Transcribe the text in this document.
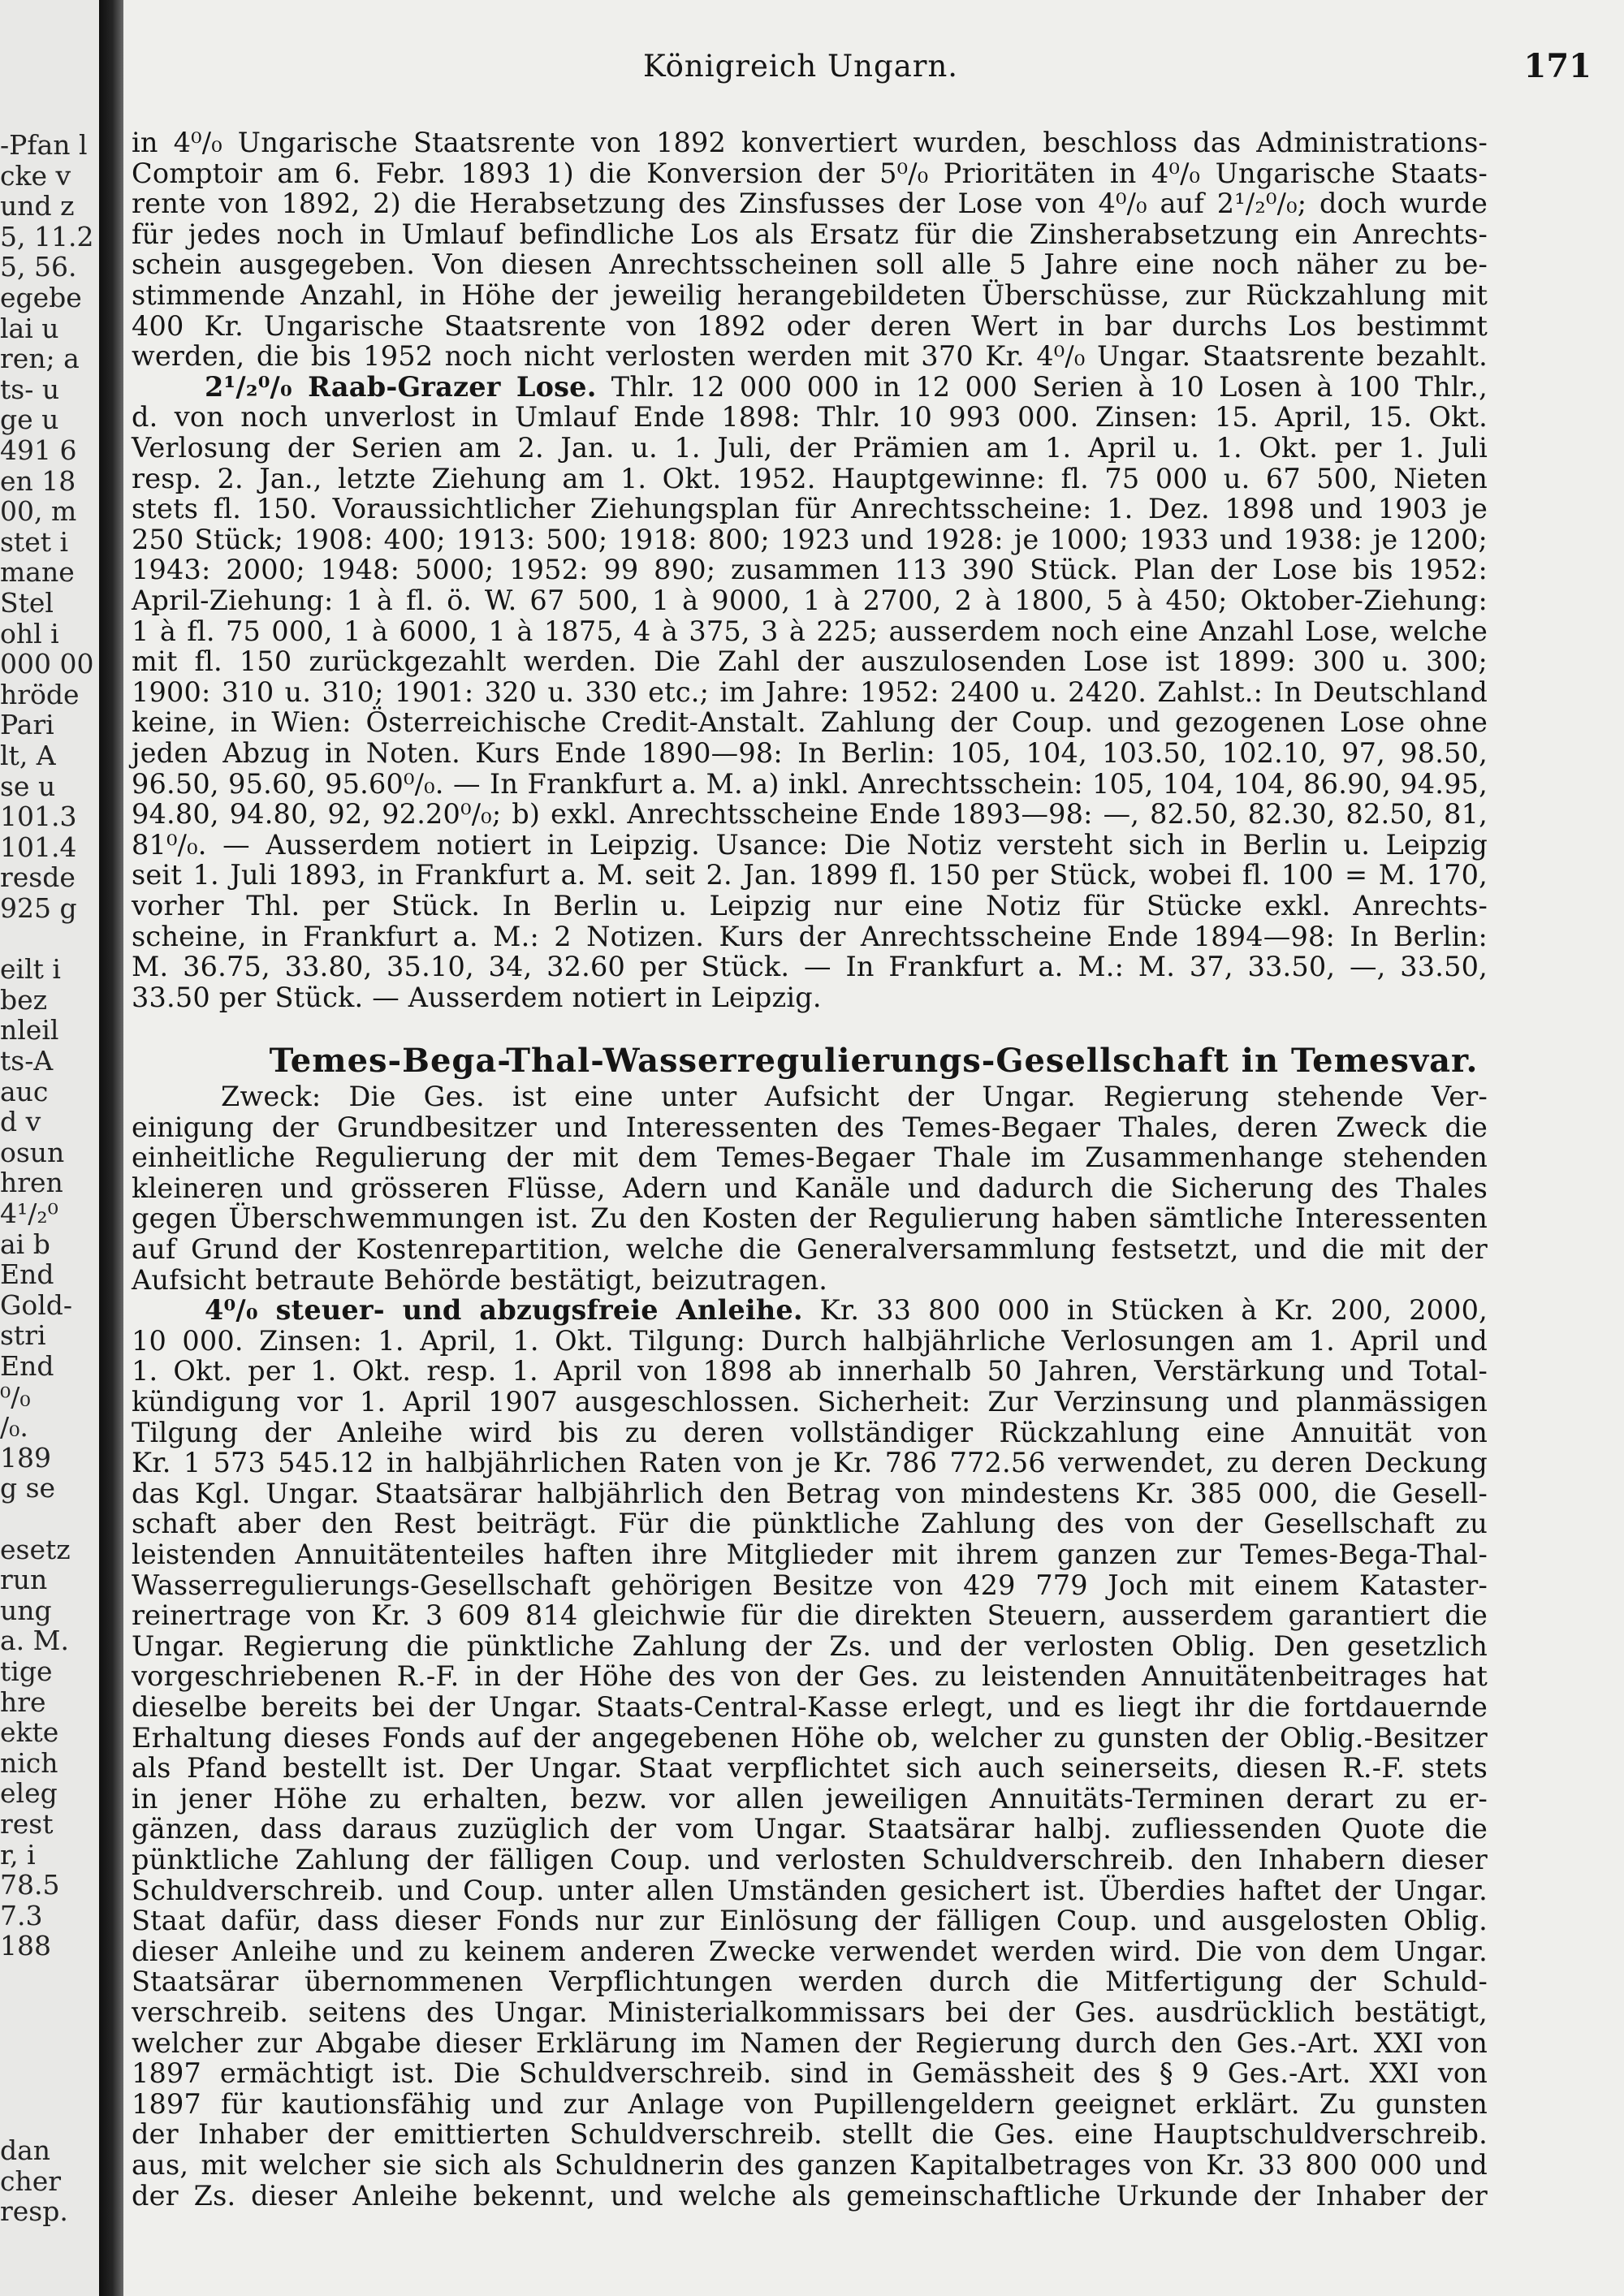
-Pfan l
cke v
und z
5, 11.2
5, 56.
egebe
lai u
ren; a
ts- u
ge u
491 6
en 18
00, m
stet i
mane
Stel
ohl i
000 00
hröde
Pari
lt, A
se u
101.3
101.4
resde
925 g
eilt i
bez
nleil
ts-A
auc
d v
osun
hren
4¹/₂⁰
ai b
End
Gold-
stri
End
⁰/₀
/₀.
189
g se
esetz
run
ung
a. M.
tige
hre
ekte
nich
eleg
rest
r, i
78.5
7.3
188
dan
cher
resp.
Königreich Ungarn.	171
Temes-Bega-Thal-Wasserregulierungs-Gesellschaft in Temesvar.
in 4⁰/₀ Ungarische Staatsrente von 1892 konvertiert wurden, beschloss das Administrations-
Comptoir am 6. Febr. 1893 1) die Konversion der 5⁰/₀ Prioritäten in 4⁰/₀ Ungarische Staats-
rente von 1892, 2) die Herabsetzung des Zinsfusses der Lose von 4⁰/₀ auf 2¹/₂⁰/₀; doch wurde
für jedes noch in Umlauf befindliche Los als Ersatz für die Zinsherabsetzung ein Anrechts-
schein ausgegeben. Von diesen Anrechtsscheinen soll alle 5 Jahre eine noch näher zu be-
stimmende Anzahl, in Höhe der jeweilig herangebildeten Überschüsse, zur Rückzahlung mit
400 Kr. Ungarische Staatsrente von 1892 oder deren Wert in bar durchs Los bestimmt
werden, die bis 1952 noch nicht verlosten werden mit 370 Kr. 4⁰/₀ Ungar. Staatsrente bezahlt.
2¹/₂⁰/₀ Raab-Grazer Lose. Thlr. 12 000 000 in 12 000 Serien à 10 Losen à 100 Thlr.,
d. von noch unverlost in Umlauf Ende 1898: Thlr. 10 993 000. Zinsen: 15. April, 15. Okt.
Verlosung der Serien am 2. Jan. u. 1. Juli, der Prämien am 1. April u. 1. Okt. per 1. Juli
resp. 2. Jan., letzte Ziehung am 1. Okt. 1952. Hauptgewinne: fl. 75 000 u. 67 500, Nieten
stets fl. 150. Voraussichtlicher Ziehungsplan für Anrechtsscheine: 1. Dez. 1898 und 1903 je
250 Stück; 1908: 400; 1913: 500; 1918: 800; 1923 und 1928: je 1000; 1933 und 1938: je 1200;
1943: 2000; 1948: 5000; 1952: 99 890; zusammen 113 390 Stück. Plan der Lose bis 1952:
April-Ziehung: 1 à fl. ö. W. 67 500, 1 à 9000, 1 à 2700, 2 à 1800, 5 à 450; Oktober-Ziehung:
1 à fl. 75 000, 1 à 6000, 1 à 1875, 4 à 375, 3 à 225; ausserdem noch eine Anzahl Lose, welche
mit fl. 150 zurückgezahlt werden. Die Zahl der auszulosenden Lose ist 1899: 300 u. 300;
1900: 310 u. 310; 1901: 320 u. 330 etc.; im Jahre: 1952: 2400 u. 2420. Zahlst.: In Deutschland
keine, in Wien: Österreichische Credit-Anstalt. Zahlung der Coup. und gezogenen Lose ohne
jeden Abzug in Noten. Kurs Ende 1890—98: In Berlin: 105, 104, 103.50, 102.10, 97, 98.50,
96.50, 95.60, 95.60⁰/₀. — In Frankfurt a. M. a) inkl. Anrechtsschein: 105, 104, 104, 86.90, 94.95,
94.80, 94.80, 92, 92.20⁰/₀; b) exkl. Anrechtsscheine Ende 1893—98: —, 82.50, 82.30, 82.50, 81,
81⁰/₀. — Ausserdem notiert in Leipzig. Usance: Die Notiz versteht sich in Berlin u. Leipzig
seit 1. Juli 1893, in Frankfurt a. M. seit 2. Jan. 1899 fl. 150 per Stück, wobei fl. 100 = M. 170,
vorher Thl. per Stück. In Berlin u. Leipzig nur eine Notiz für Stücke exkl. Anrechts-
scheine, in Frankfurt a. M.: 2 Notizen. Kurs der Anrechtsscheine Ende 1894—98: In Berlin:
M. 36.75, 33.80, 35.10, 34, 32.60 per Stück. — In Frankfurt a. M.: M. 37, 33.50, —, 33.50,
33.50 per Stück. — Ausserdem notiert in Leipzig.
Zweck: Die Ges. ist eine unter Aufsicht der Ungar. Regierung stehende Ver-
einigung der Grundbesitzer und Interessenten des Temes-Begaer Thales, deren Zweck die
einheitliche Regulierung der mit dem Temes-Begaer Thale im Zusammenhange stehenden
kleineren und grösseren Flüsse, Adern und Kanäle und dadurch die Sicherung des Thales
gegen Überschwemmungen ist. Zu den Kosten der Regulierung haben sämtliche Interessenten
auf Grund der Kostenrepartition, welche die Generalversammlung festsetzt, und die mit der
Aufsicht betraute Behörde bestätigt, beizutragen.
4⁰/₀ steuer- und abzugsfreie Anleihe. Kr. 33 800 000 in Stücken à Kr. 200, 2000,
10 000. Zinsen: 1. April, 1. Okt. Tilgung: Durch halbjährliche Verlosungen am 1. April und
1. Okt. per 1. Okt. resp. 1. April von 1898 ab innerhalb 50 Jahren, Verstärkung und Total-
kündigung vor 1. April 1907 ausgeschlossen. Sicherheit: Zur Verzinsung und planmässigen
Tilgung der Anleihe wird bis zu deren vollständiger Rückzahlung eine Annuität von
Kr. 1 573 545.12 in halbjährlichen Raten von je Kr. 786 772.56 verwendet, zu deren Deckung
das Kgl. Ungar. Staatsärar halbjährlich den Betrag von mindestens Kr. 385 000, die Gesell-
schaft aber den Rest beiträgt. Für die pünktliche Zahlung des von der Gesellschaft zu
leistenden Annuitätenteiles haften ihre Mitglieder mit ihrem ganzen zur Temes-Bega-Thal-
Wasserregulierungs-Gesellschaft gehörigen Besitze von 429 779 Joch mit einem Kataster-
reinertrage von Kr. 3 609 814 gleichwie für die direkten Steuern, ausserdem garantiert die
Ungar. Regierung die pünktliche Zahlung der Zs. und der verlosten Oblig. Den gesetzlich
vorgeschriebenen R.-F. in der Höhe des von der Ges. zu leistenden Annuitätenbeitrages hat
dieselbe bereits bei der Ungar. Staats-Central-Kasse erlegt, und es liegt ihr die fortdauernde
Erhaltung dieses Fonds auf der angegebenen Höhe ob, welcher zu gunsten der Oblig.-Besitzer
als Pfand bestellt ist. Der Ungar. Staat verpflichtet sich auch seinerseits, diesen R.-F. stets
in jener Höhe zu erhalten, bezw. vor allen jeweiligen Annuitäts-Terminen derart zu er-
gänzen, dass daraus zuzüglich der vom Ungar. Staatsärar halbj. zufliessenden Quote die
pünktliche Zahlung der fälligen Coup. und verlosten Schuldverschreib. den Inhabern dieser
Schuldverschreib. und Coup. unter allen Umständen gesichert ist. Überdies haftet der Ungar.
Staat dafür, dass dieser Fonds nur zur Einlösung der fälligen Coup. und ausgelosten Oblig.
dieser Anleihe und zu keinem anderen Zwecke verwendet werden wird. Die von dem Ungar.
Staatsärar übernommenen Verpflichtungen werden durch die Mitfertigung der Schuld-
verschreib. seitens des Ungar. Ministerialkommissars bei der Ges. ausdrücklich bestätigt,
welcher zur Abgabe dieser Erklärung im Namen der Regierung durch den Ges.-Art. XXI von
1897 ermächtigt ist. Die Schuldverschreib. sind in Gemässheit des § 9 Ges.-Art. XXI von
1897 für kautionsfähig und zur Anlage von Pupillengeldern geeignet erklärt. Zu gunsten
der Inhaber der emittierten Schuldverschreib. stellt die Ges. eine Hauptschuldverschreib.
aus, mit welcher sie sich als Schuldnerin des ganzen Kapitalbetrages von Kr. 33 800 000 und
der Zs. dieser Anleihe bekennt, und welche als gemeinschaftliche Urkunde der Inhaber der
